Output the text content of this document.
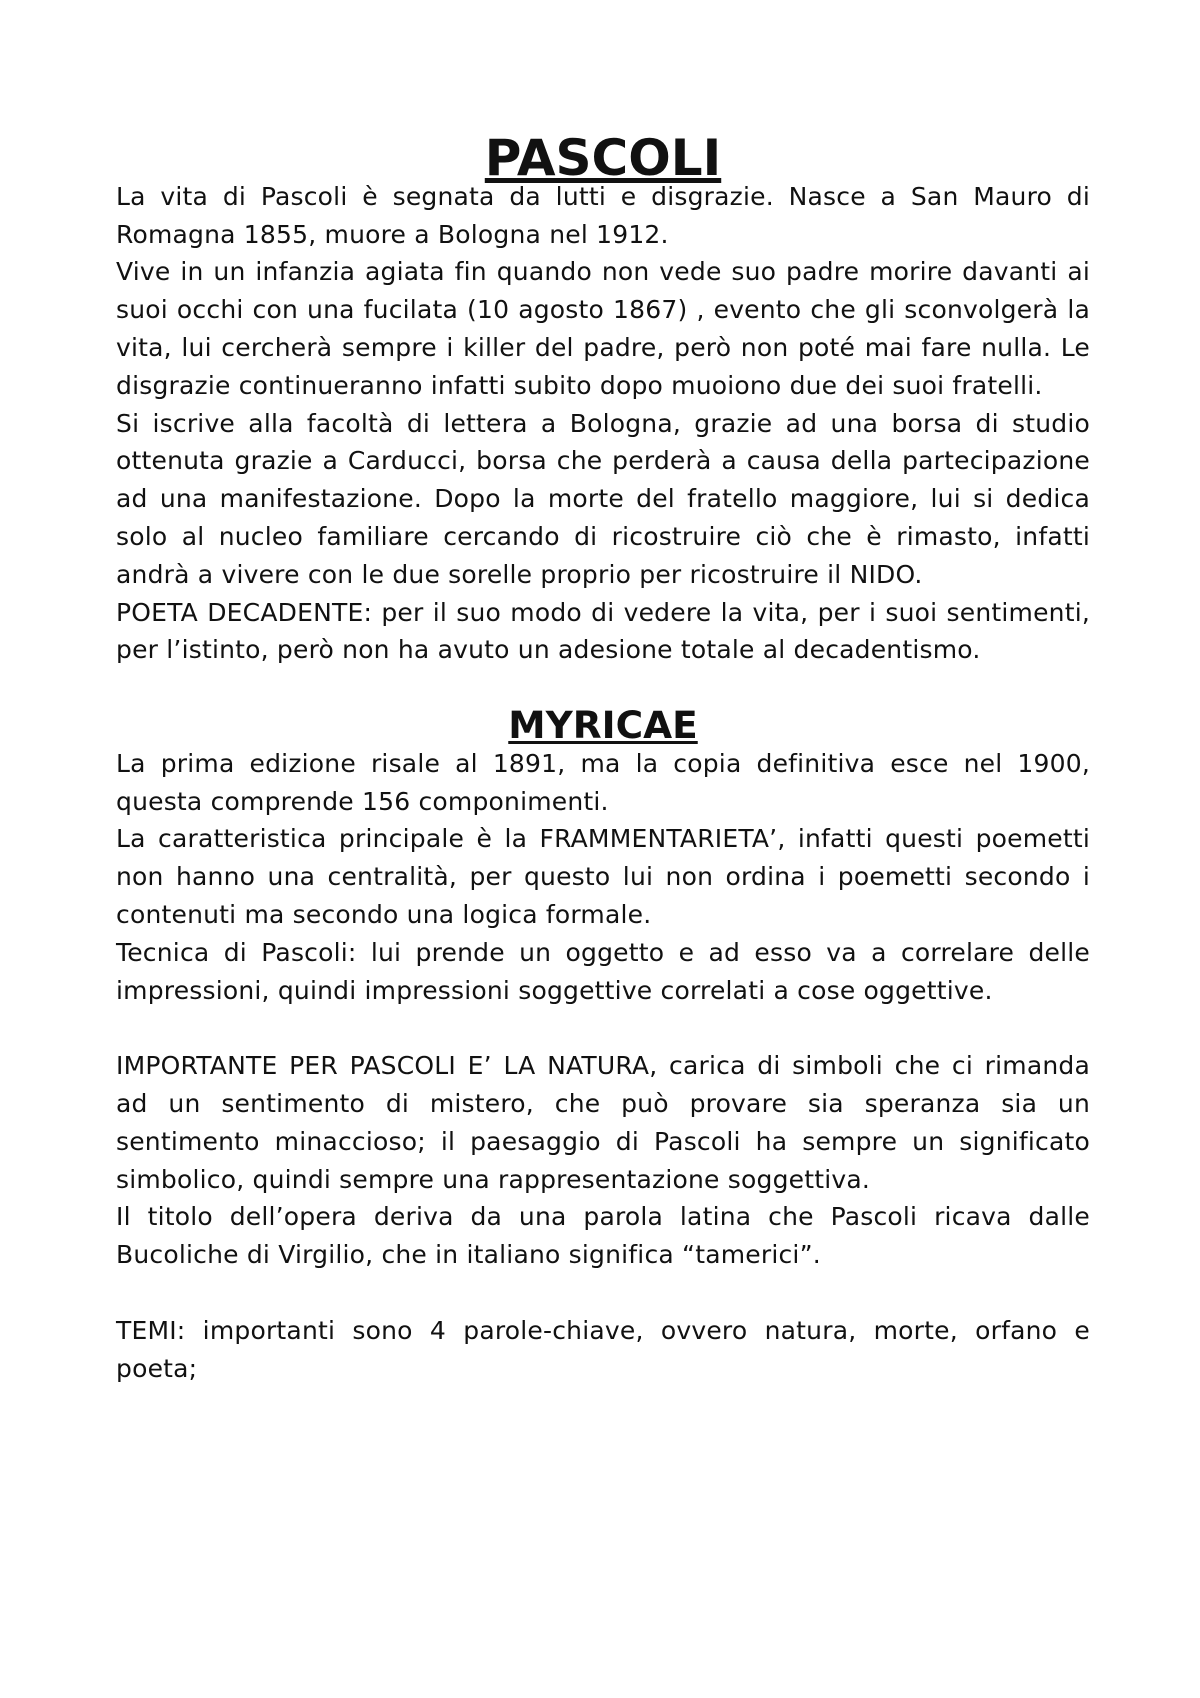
PASCOLI

La vita di Pascoli è segnata da lutti e disgrazie. Nasce a San Mauro di Romagna 1855, muore a Bologna nel 1912.

Vive in un infanzia agiata fin quando non vede suo padre morire davanti ai suoi occhi con una fucilata (10 agosto 1867) , evento che gli sconvolgerà la vita, lui cercherà sempre i killer del padre, però non poté mai fare nulla. Le disgrazie continueranno infatti subito dopo muoiono due dei suoi fratelli.

Si iscrive alla facoltà di lettera a Bologna, grazie ad una borsa di studio ottenuta grazie a Carducci, borsa che perderà a causa della partecipazione ad una manifestazione. Dopo la morte del fratello maggiore, lui si dedica solo al nucleo familiare cercando di ricostruire ciò che è rimasto, infatti andrà a vivere con le due sorelle proprio per ricostruire il NIDO.

POETA DECADENTE: per il suo modo di vedere la vita, per i suoi sentimenti, per l’istinto, però non ha avuto un adesione totale al decadentismo.

MYRICAE

La prima edizione risale al 1891, ma la copia definitiva esce nel 1900, questa comprende 156 componimenti.

La caratteristica principale è la FRAMMENTARIETA’, infatti questi poemetti non hanno una centralità, per questo lui non ordina i poemetti secondo i contenuti ma secondo una logica formale.

Tecnica di Pascoli: lui prende un oggetto e ad esso va a correlare delle impressioni, quindi impressioni soggettive correlati a cose oggettive.

IMPORTANTE PER PASCOLI E’ LA NATURA, carica di simboli che ci rimanda ad un sentimento di mistero, che può provare sia speranza sia un sentimento minaccioso; il paesaggio di Pascoli ha sempre un significato simbolico, quindi sempre una rappresentazione soggettiva.

Il titolo dell’opera deriva da una parola latina che Pascoli ricava dalle Bucoliche di Virgilio, che in italiano significa “tamerici”.

TEMI: importanti sono 4 parole-chiave, ovvero natura, morte, orfano e poeta;
